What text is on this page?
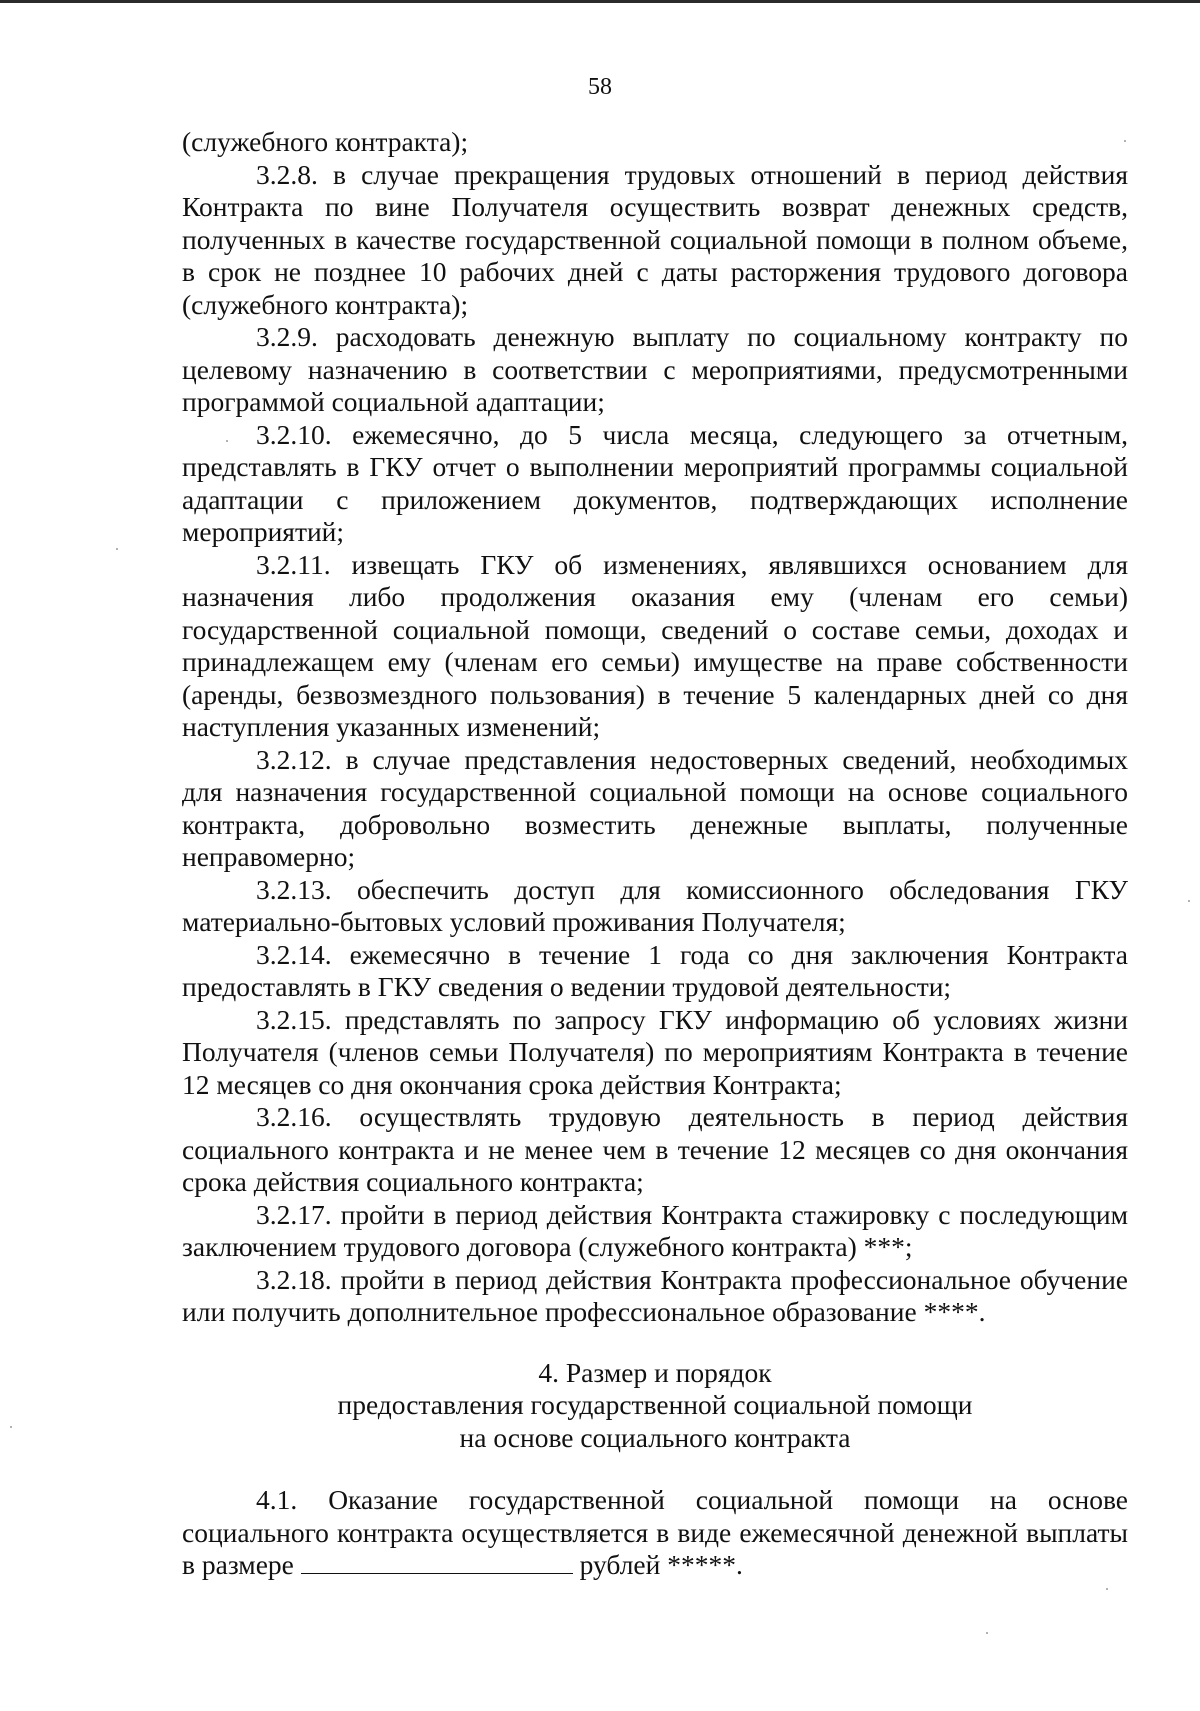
58

(служебного контракта);

3.2.8. в случае прекращения трудовых отношений в период действия Контракта по вине Получателя осуществить возврат денежных средств, полученных в качестве государственной социальной помощи в полном объеме, в срок не позднее 10 рабочих дней с даты расторжения трудового договора (служебного контракта);

3.2.9. расходовать денежную выплату по социальному контракту по целевому назначению в соответствии с мероприятиями, предусмотренными программой социальной адаптации;

3.2.10. ежемесячно, до 5 числа месяца, следующего за отчетным, представлять в ГКУ отчет о выполнении мероприятий программы социальной адаптации с приложением документов, подтверждающих исполнение мероприятий;

3.2.11. извещать ГКУ об изменениях, являвшихся основанием для назначения либо продолжения оказания ему (членам его семьи) государственной социальной помощи, сведений о составе семьи, доходах и принадлежащем ему (членам его семьи) имуществе на праве собственности (аренды, безвозмездного пользования) в течение 5 календарных дней со дня наступления указанных изменений;

3.2.12. в случае представления недостоверных сведений, необходимых для назначения государственной социальной помощи на основе социального контракта, добровольно возместить денежные выплаты, полученные неправомерно;

3.2.13. обеспечить доступ для комиссионного обследования ГКУ материально-бытовых условий проживания Получателя;

3.2.14. ежемесячно в течение 1 года со дня заключения Контракта предоставлять в ГКУ сведения о ведении трудовой деятельности;

3.2.15. представлять по запросу ГКУ информацию об условиях жизни Получателя (членов семьи Получателя) по мероприятиям Контракта в течение 12 месяцев со дня окончания срока действия Контракта;

3.2.16. осуществлять трудовую деятельность в период действия социального контракта и не менее чем в течение 12 месяцев со дня окончания срока действия социального контракта;

3.2.17. пройти в период действия Контракта стажировку с последующим заключением трудового договора (служебного контракта) ***;

3.2.18. пройти в период действия Контракта профессиональное обучение или получить дополнительное профессиональное образование ****.

4. Размер и порядок
предоставления государственной социальной помощи
на основе социального контракта

4.1. Оказание государственной социальной помощи на основе социального контракта осуществляется в виде ежемесячной денежной выплаты в размере	рублей *****.
